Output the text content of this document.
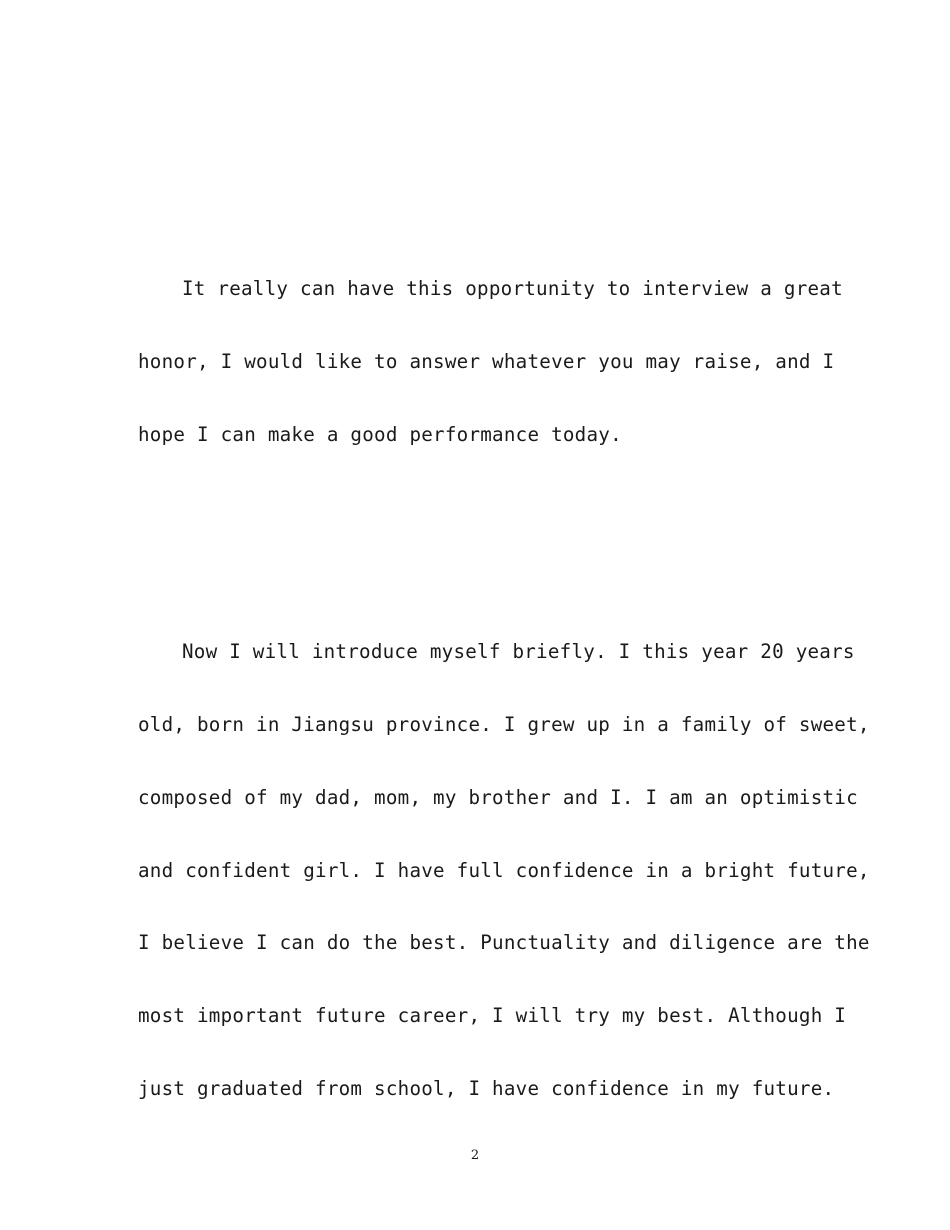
It really can have this opportunity to interview a great

honor, I would like to answer whatever you may raise, and I

hope I can make a good performance today.

Now I will introduce myself briefly. I this year 20 years

old, born in Jiangsu province. I grew up in a family of sweet,

composed of my dad, mom, my brother and I. I am an optimistic

and confident girl. I have full confidence in a bright future,

I believe I can do the best. Punctuality and diligence are the

most important future career, I will try my best. Although I

just graduated from school, I have confidence in my future.

2
